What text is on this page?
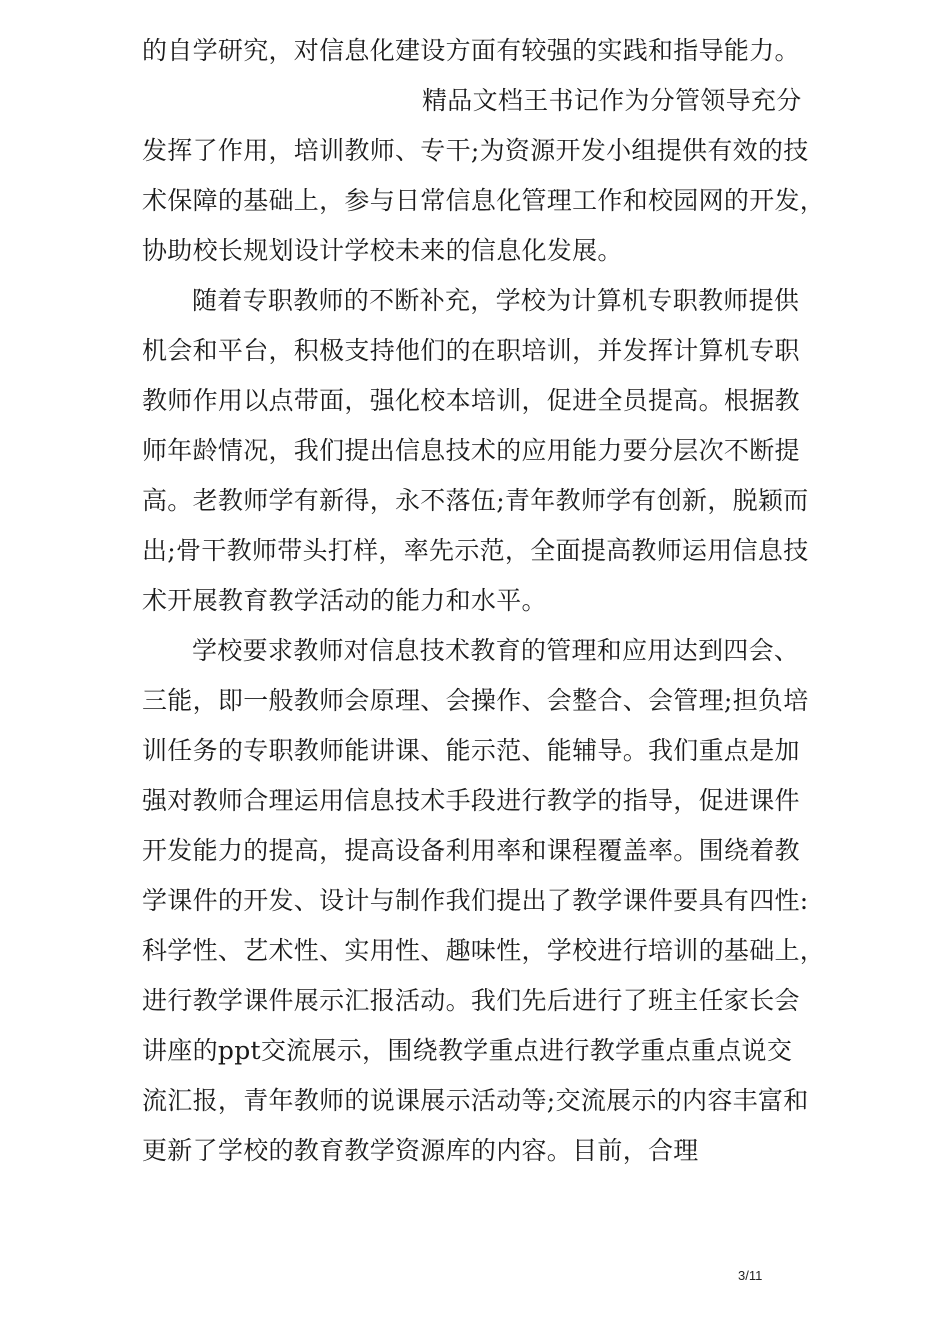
的自学研究，对信息化建设方面有较强的实践和指导能力。
精品文档王书记作为分管领导充分
发挥了作用，培训教师、专干;为资源开发小组提供有效的技
术保障的基础上，参与日常信息化管理工作和校园网的开发，
协助校长规划设计学校未来的信息化发展。
随着专职教师的不断补充，学校为计算机专职教师提供
机会和平台，积极支持他们的在职培训，并发挥计算机专职
教师作用以点带面，强化校本培训，促进全员提高。根据教
师年龄情况，我们提出信息技术的应用能力要分层次不断提
高。老教师学有新得，永不落伍;青年教师学有创新，脱颖而
出;骨干教师带头打样，率先示范，全面提高教师运用信息技
术开展教育教学活动的能力和水平。
学校要求教师对信息技术教育的管理和应用达到四会、
三能，即一般教师会原理、会操作、会整合、会管理;担负培
训任务的专职教师能讲课、能示范、能辅导。我们重点是加
强对教师合理运用信息技术手段进行教学的指导，促进课件
开发能力的提高，提高设备利用率和课程覆盖率。围绕着教
学课件的开发、设计与制作我们提出了教学课件要具有四性:
科学性、艺术性、实用性、趣味性，学校进行培训的基础上，
进行教学课件展示汇报活动。我们先后进行了班主任家长会
讲座的ppt交流展示，围绕教学重点进行教学重点重点说交
流汇报，青年教师的说课展示活动等;交流展示的内容丰富和
更新了学校的教育教学资源库的内容。目前，合理
3/11
